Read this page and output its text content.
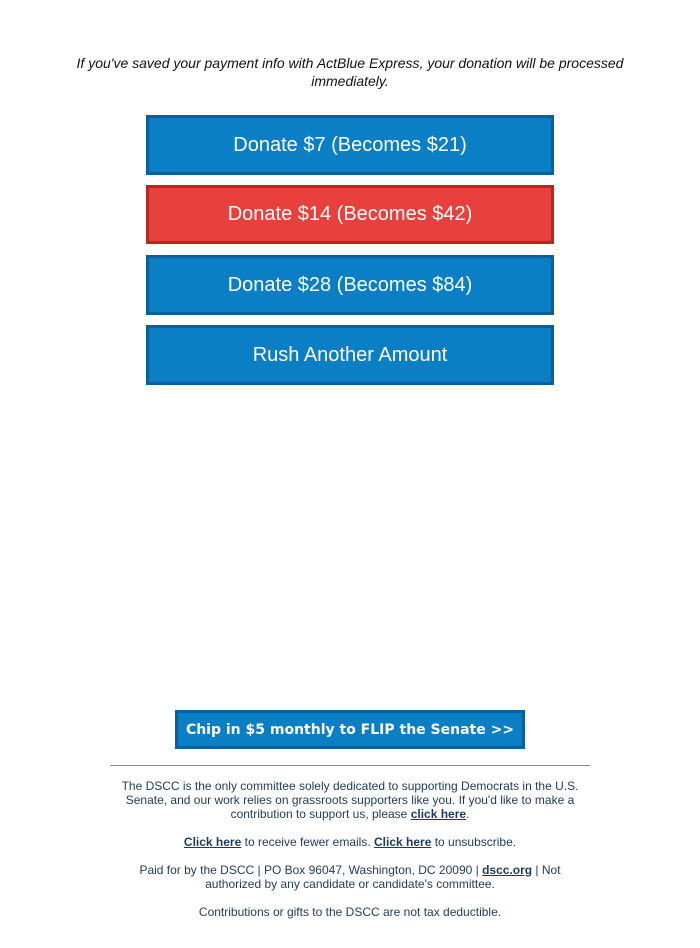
If you've saved your payment info with ActBlue Express, your donation will be processed immediately.
Donate $7 (Becomes $21)
Donate $14 (Becomes $42)
Donate $28 (Becomes $84)
Rush Another Amount
Chip in $5 monthly to FLIP the Senate >>
The DSCC is the only committee solely dedicated to supporting Democrats in the U.S. Senate, and our work relies on grassroots supporters like you. If you'd like to make a contribution to support us, please click here.
Click here to receive fewer emails. Click here to unsubscribe.
Paid for by the DSCC | PO Box 96047, Washington, DC 20090 | dscc.org | Not authorized by any candidate or candidate's committee.
Contributions or gifts to the DSCC are not tax deductible.
